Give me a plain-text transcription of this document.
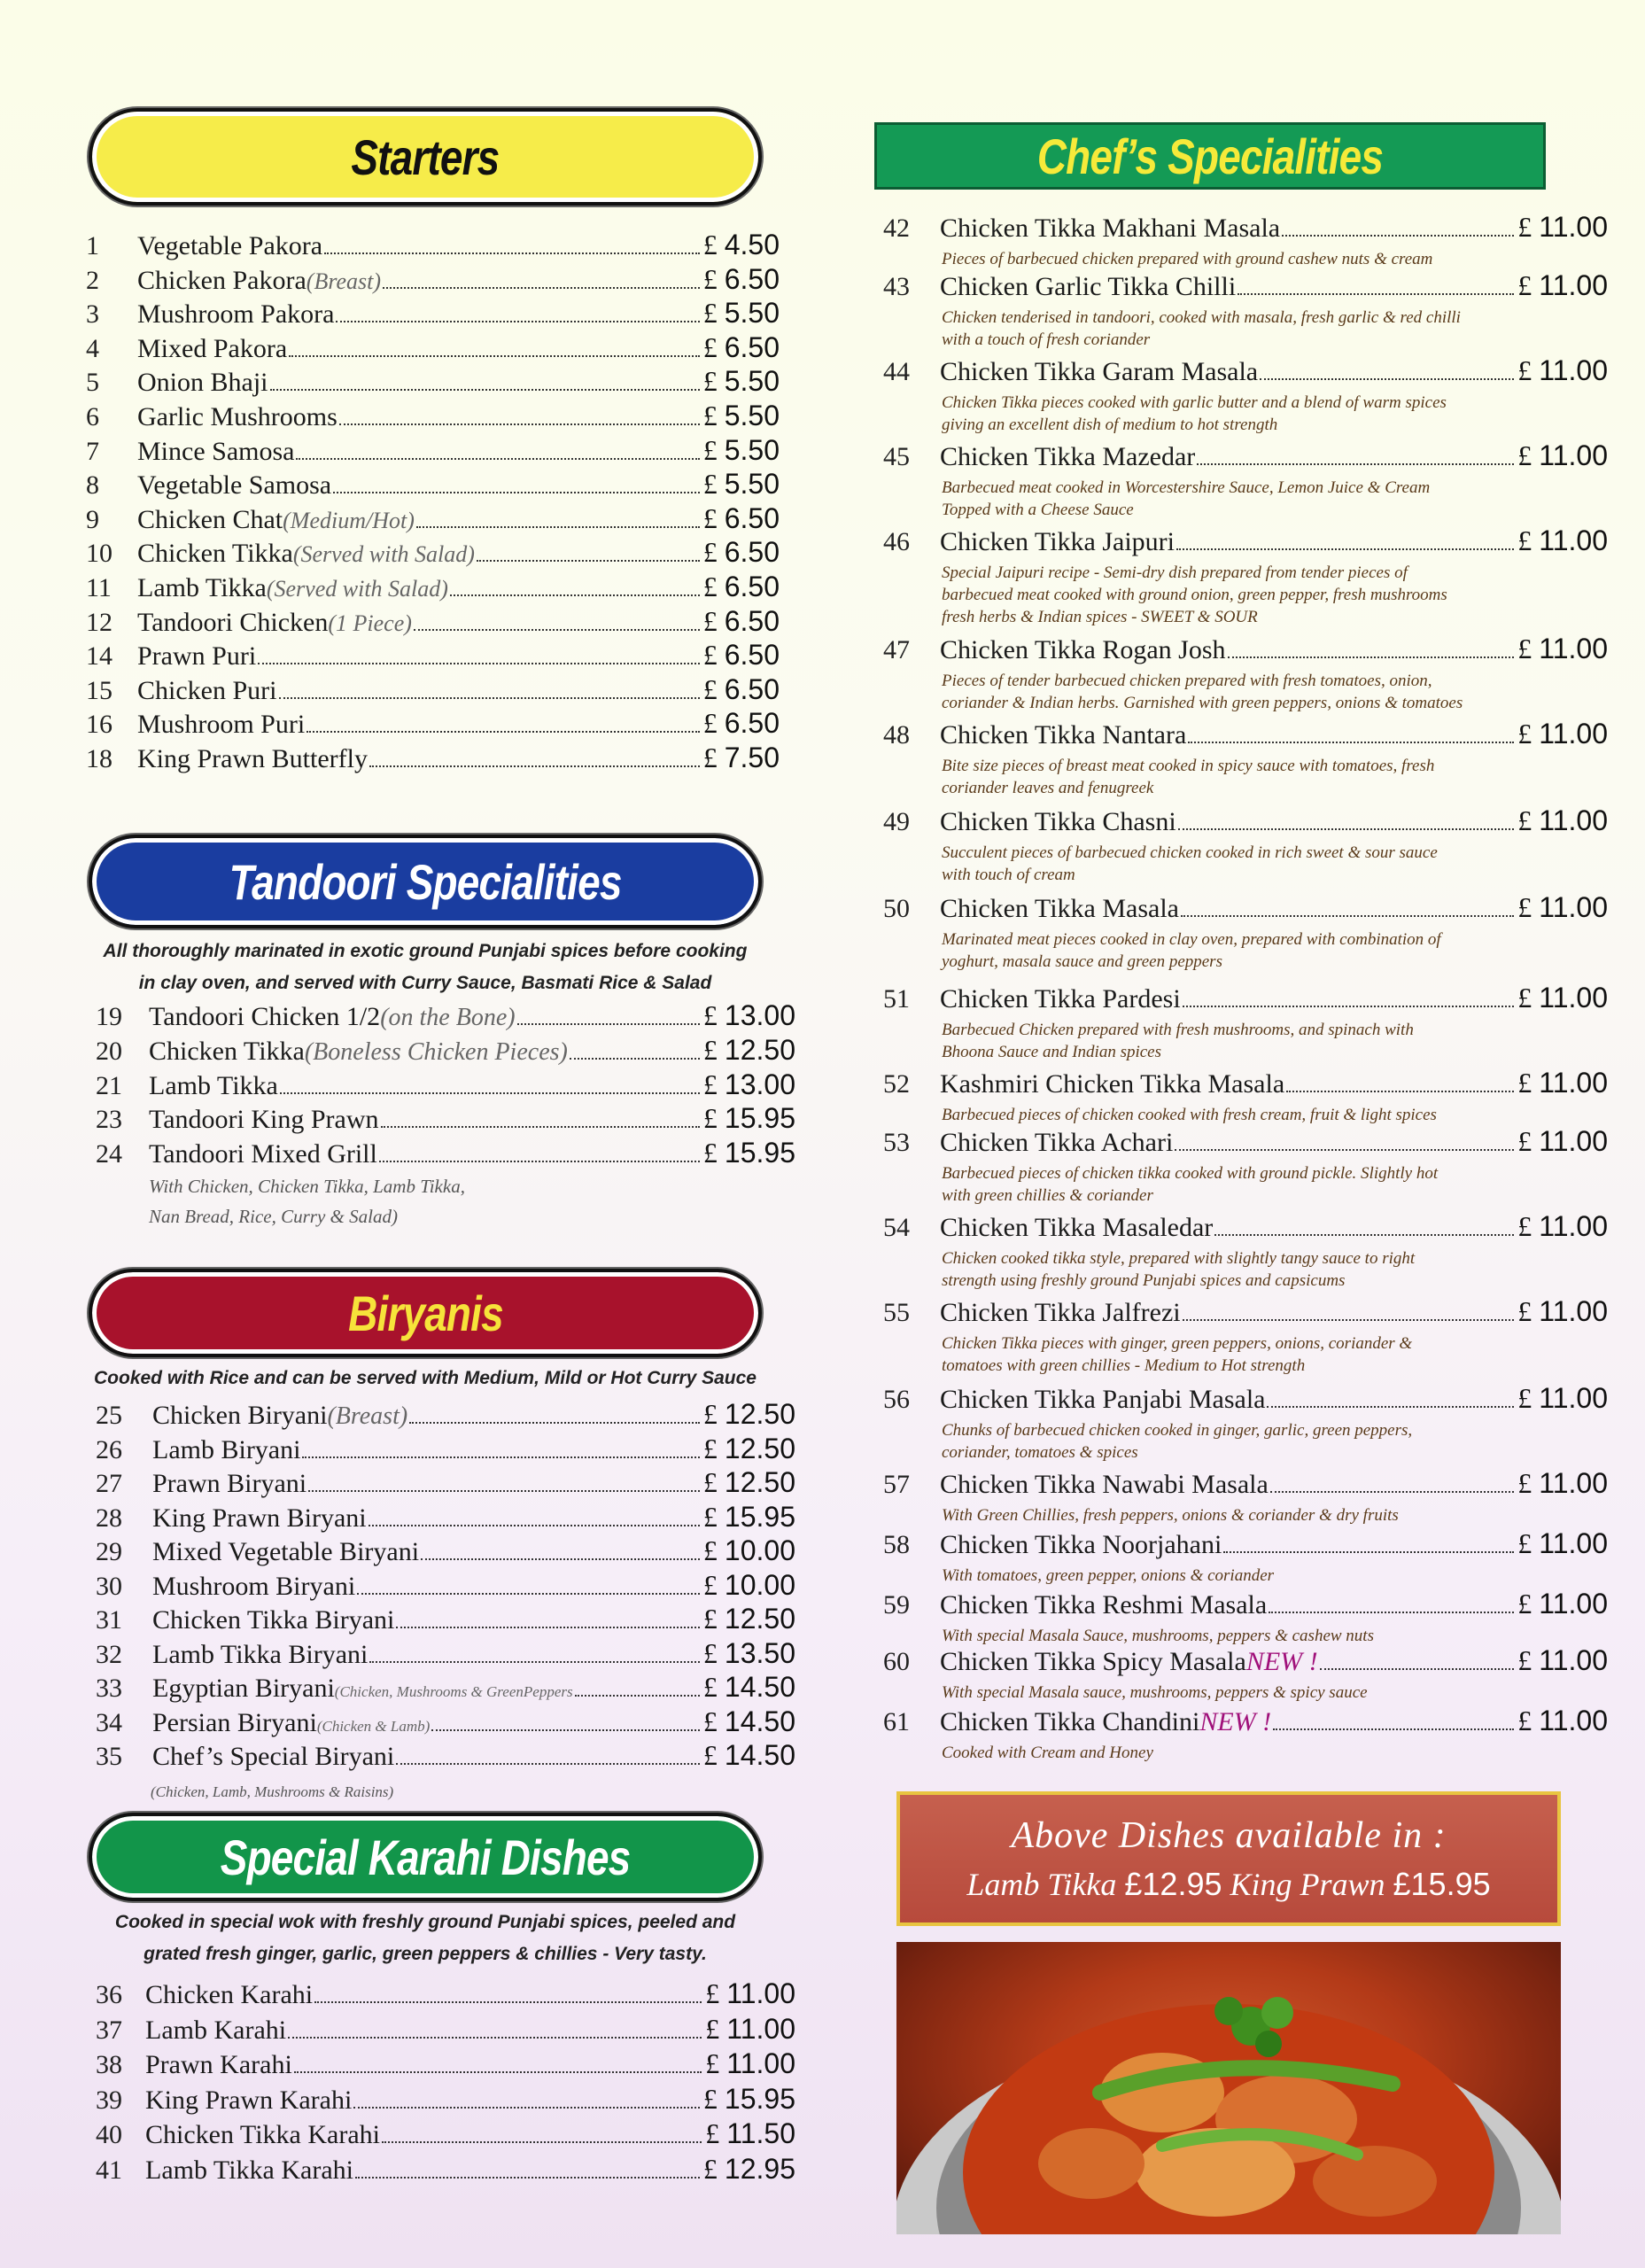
Starters
1	Vegetable Pakora	£ 4.50
2	Chicken Pakora (Breast)	£ 6.50
3	Mushroom Pakora	£ 5.50
4	Mixed Pakora	£ 6.50
5	Onion Bhaji	£ 5.50
6	Garlic Mushrooms	£ 5.50
7	Mince Samosa	£ 5.50
8	Vegetable Samosa	£ 5.50
9	Chicken Chat (Medium/Hot)	£ 6.50
10 Chicken Tikka (Served with Salad)	£ 6.50
11 Lamb Tikka (Served with Salad)	£ 6.50
12 Tandoori Chicken (1 Piece)	£ 6.50
14 Prawn Puri	£ 6.50
15 Chicken Puri	£ 6.50
16 Mushroom Puri	£ 6.50
18 King Prawn Butterfly	£ 7.50
Tandoori Specialities
All thoroughly marinated in exotic ground Punjabi spices before cooking
in clay oven, and served with Curry Sauce, Basmati Rice & Salad
19	Tandoori Chicken 1/2 (on the Bone)	£ 13.00
20	Chicken Tikka (Boneless Chicken Pieces)	£ 12.50
21	Lamb Tikka	£ 13.00
23	Tandoori King Prawn	£ 15.95
24	Tandoori Mixed Grill	£ 15.95
With Chicken, Chicken Tikka, Lamb Tikka,
Nan Bread, Rice, Curry & Salad)
Biryanis
Cooked with Rice and can be served with Medium, Mild or Hot Curry Sauce
25	Chicken Biryani (Breast)	£ 12.50
26	Lamb Biryani	£ 12.50
27	Prawn Biryani	£ 12.50
28	King Prawn Biryani	£ 15.95
29	Mixed Vegetable Biryani	£ 10.00
30	Mushroom Biryani	£ 10.00
31	Chicken Tikka Biryani	£ 12.50
32	Lamb Tikka Biryani	£ 13.50
33	Egyptian Biryani (Chicken, Mushrooms & GreenPeppers	£ 14.50
34	Persian Biryani (Chicken & Lamb)	£ 14.50
35	Chef’s Special Biryani	£ 14.50
(Chicken, Lamb, Mushrooms & Raisins)
Special Karahi Dishes
Cooked in special wok with freshly ground Punjabi spices, peeled and
grated fresh ginger, garlic, green peppers & chillies - Very tasty.
36 Chicken Karahi	£ 11.00
37 Lamb Karahi	£ 11.00
38 Prawn Karahi	£ 11.00
39 King Prawn Karahi	£ 15.95
40 Chicken Tikka Karahi	£ 11.50
41 Lamb Tikka Karahi	£ 12.95
Chef’s Specialities
42	Chicken Tikka Makhani Masala	£ 11.00
Pieces of barbecued chicken prepared with ground cashew nuts & cream
43	Chicken Garlic Tikka Chilli	£ 11.00
Chicken tenderised in tandoori, cooked with masala, fresh garlic & red chilli
with a touch of fresh coriander
44	Chicken Tikka Garam Masala	£ 11.00
Chicken Tikka pieces cooked with garlic butter and a blend of warm spices
giving an excellent dish of medium to hot strength
45	Chicken Tikka Mazedar	£ 11.00
Barbecued meat cooked in Worcestershire Sauce, Lemon Juice & Cream
Topped with a Cheese Sauce
46	Chicken Tikka Jaipuri	£ 11.00
Special Jaipuri recipe - Semi-dry dish prepared from tender pieces of
barbecued meat cooked with ground onion, green pepper, fresh mushrooms
fresh herbs & Indian spices - SWEET & SOUR
47	Chicken Tikka Rogan Josh	£ 11.00
Pieces of tender barbecued chicken prepared with fresh tomatoes, onion,
coriander & Indian herbs. Garnished with green peppers, onions & tomatoes
48	Chicken Tikka Nantara	£ 11.00
Bite size pieces of breast meat cooked in spicy sauce with tomatoes, fresh
coriander leaves and fenugreek
49	Chicken Tikka Chasni	£ 11.00
Succulent pieces of barbecued chicken cooked in rich sweet & sour sauce
with touch of cream
50	Chicken Tikka Masala	£ 11.00
Marinated meat pieces cooked in clay oven, prepared with combination of
yoghurt, masala sauce and green peppers
51	Chicken Tikka Pardesi	£ 11.00
Barbecued Chicken prepared with fresh mushrooms, and spinach with
Bhoona Sauce and Indian spices
52	Kashmiri Chicken Tikka Masala	£ 11.00
Barbecued pieces of chicken cooked with fresh cream, fruit & light spices
53	Chicken Tikka Achari	£ 11.00
Barbecued pieces of chicken tikka cooked with ground pickle. Slightly hot
with green chillies & coriander
54	Chicken Tikka Masaledar	£ 11.00
Chicken cooked tikka style, prepared with slightly tangy sauce to right
strength using freshly ground Punjabi spices and capsicums
55	Chicken Tikka Jalfrezi	£ 11.00
Chicken Tikka pieces with ginger, green peppers, onions, coriander &
tomatoes with green chillies - Medium to Hot strength
56	Chicken Tikka Panjabi Masala	£ 11.00
Chunks of barbecued chicken cooked in ginger, garlic, green peppers,
coriander, tomatoes & spices
57	Chicken Tikka Nawabi Masala	£ 11.00
With Green Chillies, fresh peppers, onions & coriander & dry fruits
58	Chicken Tikka Noorjahani	£ 11.00
With tomatoes, green pepper, onions & coriander
59	Chicken Tikka Reshmi Masala	£ 11.00
With special Masala Sauce, mushrooms, peppers & cashew nuts
60	Chicken Tikka Spicy Masala NEW !	£ 11.00
With special Masala sauce, mushrooms, peppers & spicy sauce
61	Chicken Tikka Chandini NEW !	£ 11.00
Cooked with Cream and Honey
Above Dishes available in :
Lamb Tikka £12.95 King Prawn £15.95
